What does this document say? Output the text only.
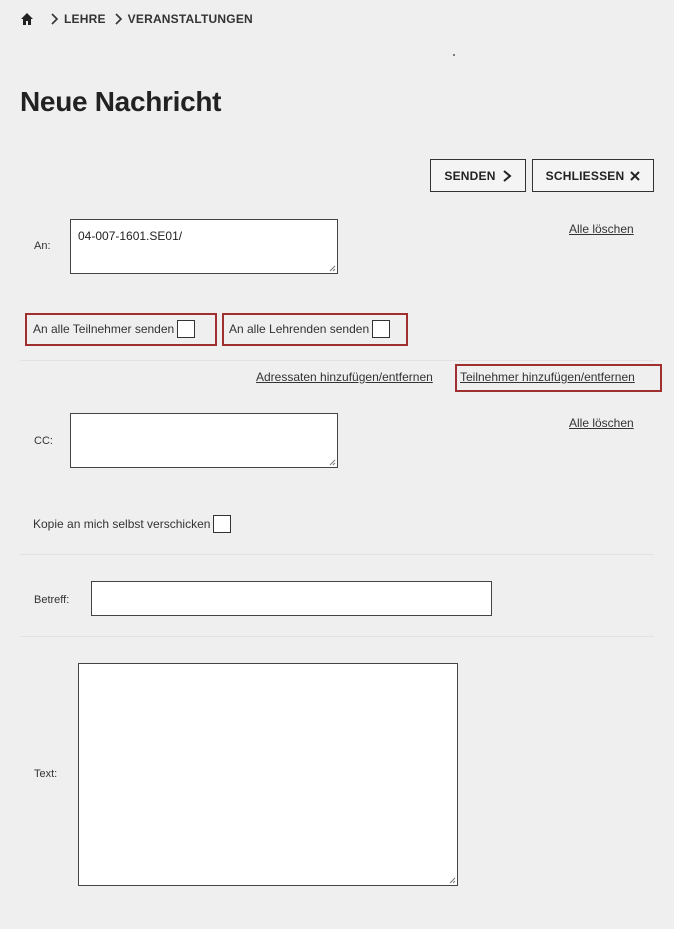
LEHRE VERANSTALTUNGEN
Neue Nachricht
SENDEN	SCHLIESSEN
An:
04-007-1601.SE01/	Alle löschen
An alle Teilnehmer senden	An alle Lehrenden senden
Adressaten hinzufügen/entfernen Teilnehmer hinzufügen/entfernen
CC:
Alle löschen
Kopie an mich selbst verschicken
Betreff:
Text:
